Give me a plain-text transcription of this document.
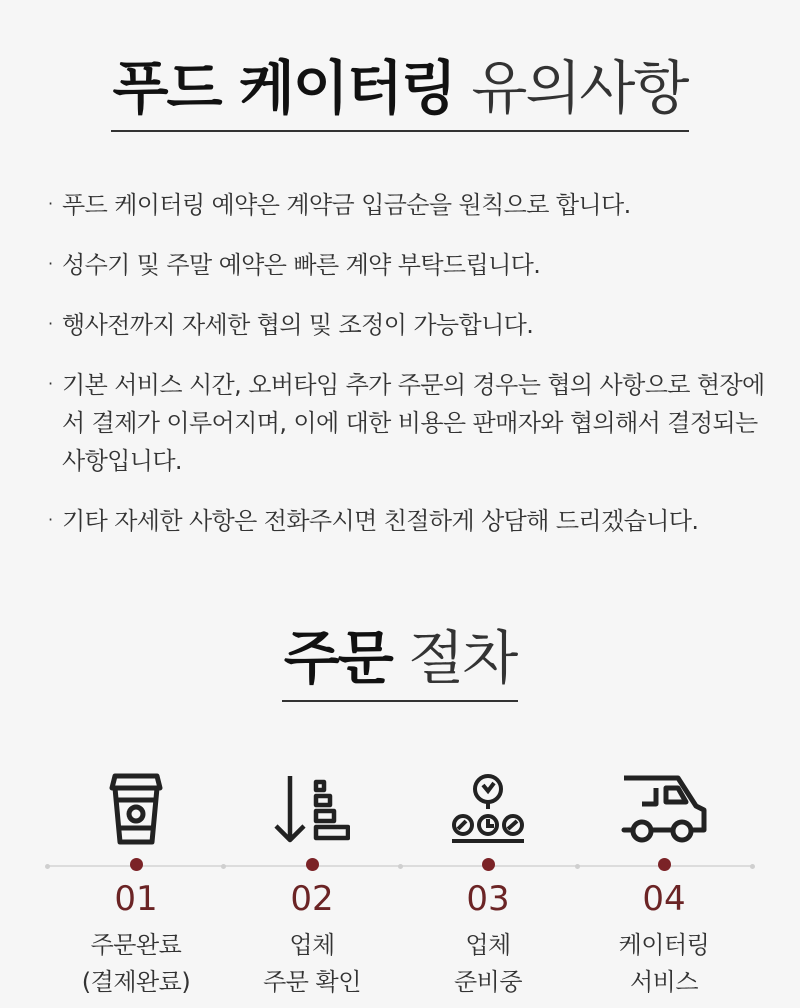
푸드 케이터링 유의사항
· 푸드 케이터링 예약은 계약금 입금순을 원칙으로 합니다.
· 성수기 및 주말 예약은 빠른 계약 부탁드립니다.
· 행사전까지 자세한 협의 및 조정이 가능합니다.
· 기본 서비스 시간, 오버타임 추가 주문의 경우는 협의 사항으로 현장에서 결제가 이루어지며, 이에 대한 비용은 판매자와 협의해서 결정되는 사항입니다.
· 기타 자세한 사항은 전화주시면 친절하게 상담해 드리겠습니다.
주문 절차
01
주문완료
(결제완료)
02
업체
주문 확인
03
업체
준비중
04
케이터링
서비스
